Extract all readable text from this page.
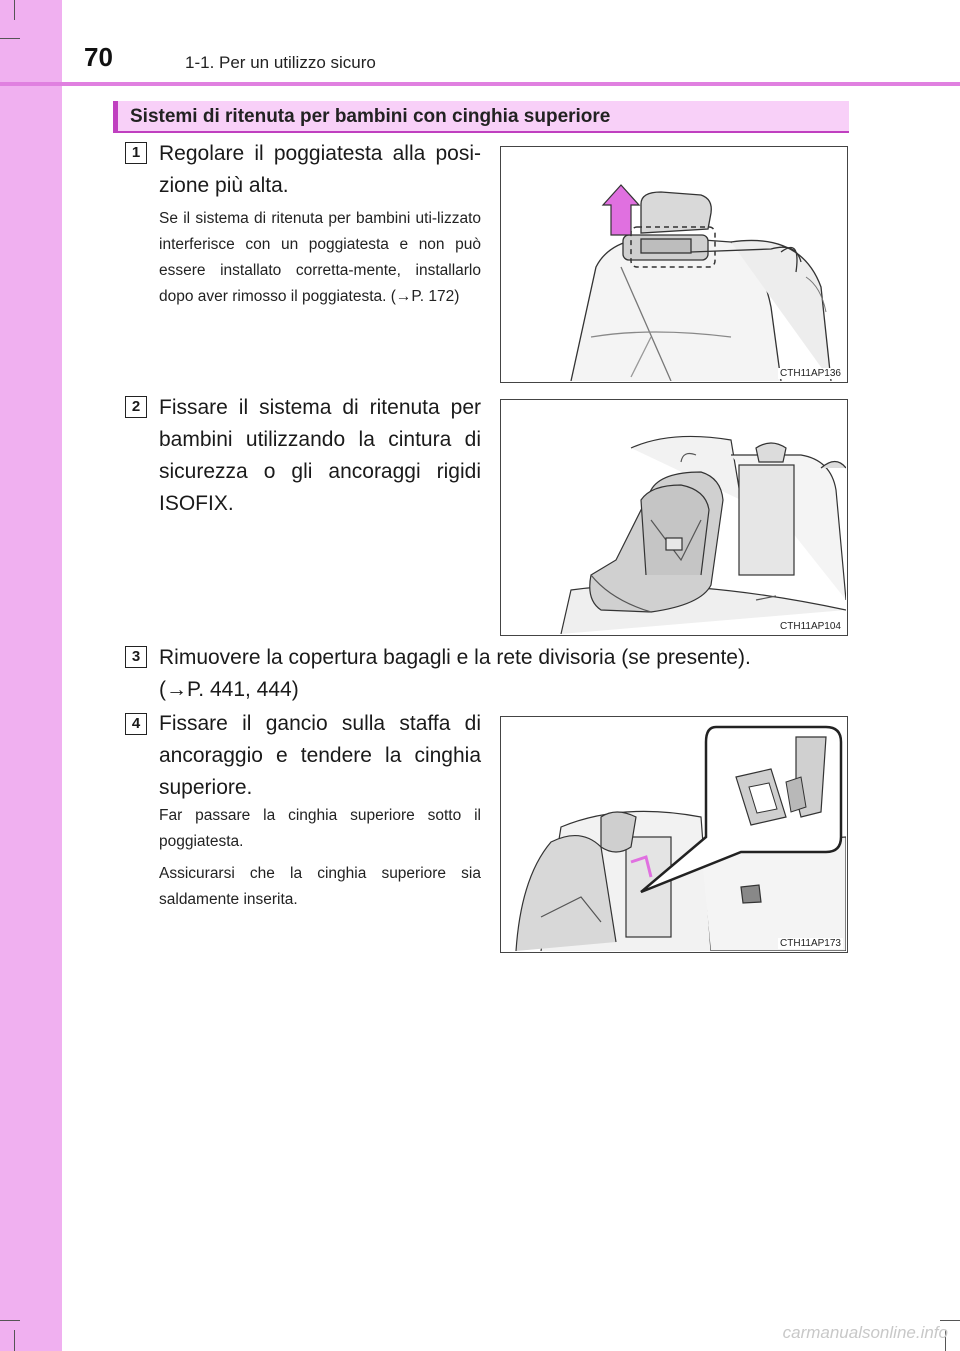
70	1-1. Per un utilizzo sicuro
Sistemi di ritenuta per bambini con cinghia superiore
1 Regolare il poggiatesta alla posi-zione più alta.
Se il sistema di ritenuta per bambini uti-lizzato interferisce con un poggiatesta e non può essere installato corretta-mente, installarlo dopo aver rimosso il poggiatesta. (→P. 172)
CTH11AP136
2 Fissare il sistema di ritenuta per bambini utilizzando la cintura di sicurezza o gli ancoraggi rigidi ISOFIX.
CTH11AP104
3 Rimuovere la copertura bagagli e la rete divisoria (se presente). (→P. 441, 444)
4 Fissare il gancio sulla staffa di ancoraggio e tendere la cinghia superiore.
Far passare la cinghia superiore sotto il poggiatesta.
Assicurarsi che la cinghia superiore sia saldamente inserita.
CTH11AP173
carmanualsonline.info
